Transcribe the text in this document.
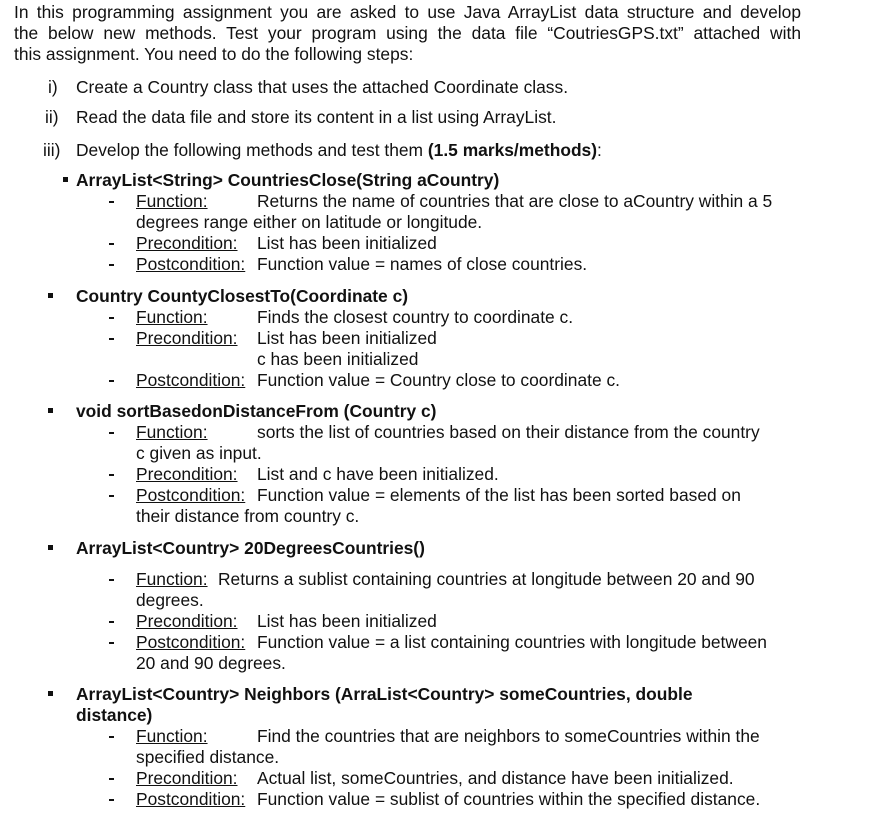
In this programming assignment you are asked to use Java ArrayList data structure and develop
the below new methods. Test your program using the data file “CoutriesGPS.txt” attached with
this assignment. You need to do the following steps:
i) Create a Country class that uses the attached Coordinate class.
ii) Read the data file and store its content in a list using ArrayList.
iii) Develop the following methods and test them (1.5 marks/methods):
ArrayList<String> CountriesClose(String aCountry)
Function:	Returns the name of countries that are close to aCountry within a 5
degrees range either on latitude or longitude.
Precondition: List has been initialized
Postcondition: Function value = names of close countries.
Country CountyClosestTo(Coordinate c)
Function:	Finds the closest country to coordinate c.
Precondition: List has been initialized
c has been initialized
Postcondition: Function value = Country close to coordinate c.
void sortBasedonDistanceFrom (Country c)
Function:	sorts the list of countries based on their distance from the country
c given as input.
Precondition: List and c have been initialized.
Postcondition: Function value = elements of the list has been sorted based on
their distance from country c.
ArrayList<Country> 20DegreesCountries()
Function: Returns a sublist containing countries at longitude between 20 and 90
degrees.
Precondition: List has been initialized
Postcondition: Function value = a list containing countries with longitude between
20 and 90 degrees.
ArrayList<Country> Neighbors (ArraList<Country> someCountries, double
distance)
Function:	Find the countries that are neighbors to someCountries within the
specified distance.
Precondition: Actual list, someCountries, and distance have been initialized.
Postcondition: Function value = sublist of countries within the specified distance.
